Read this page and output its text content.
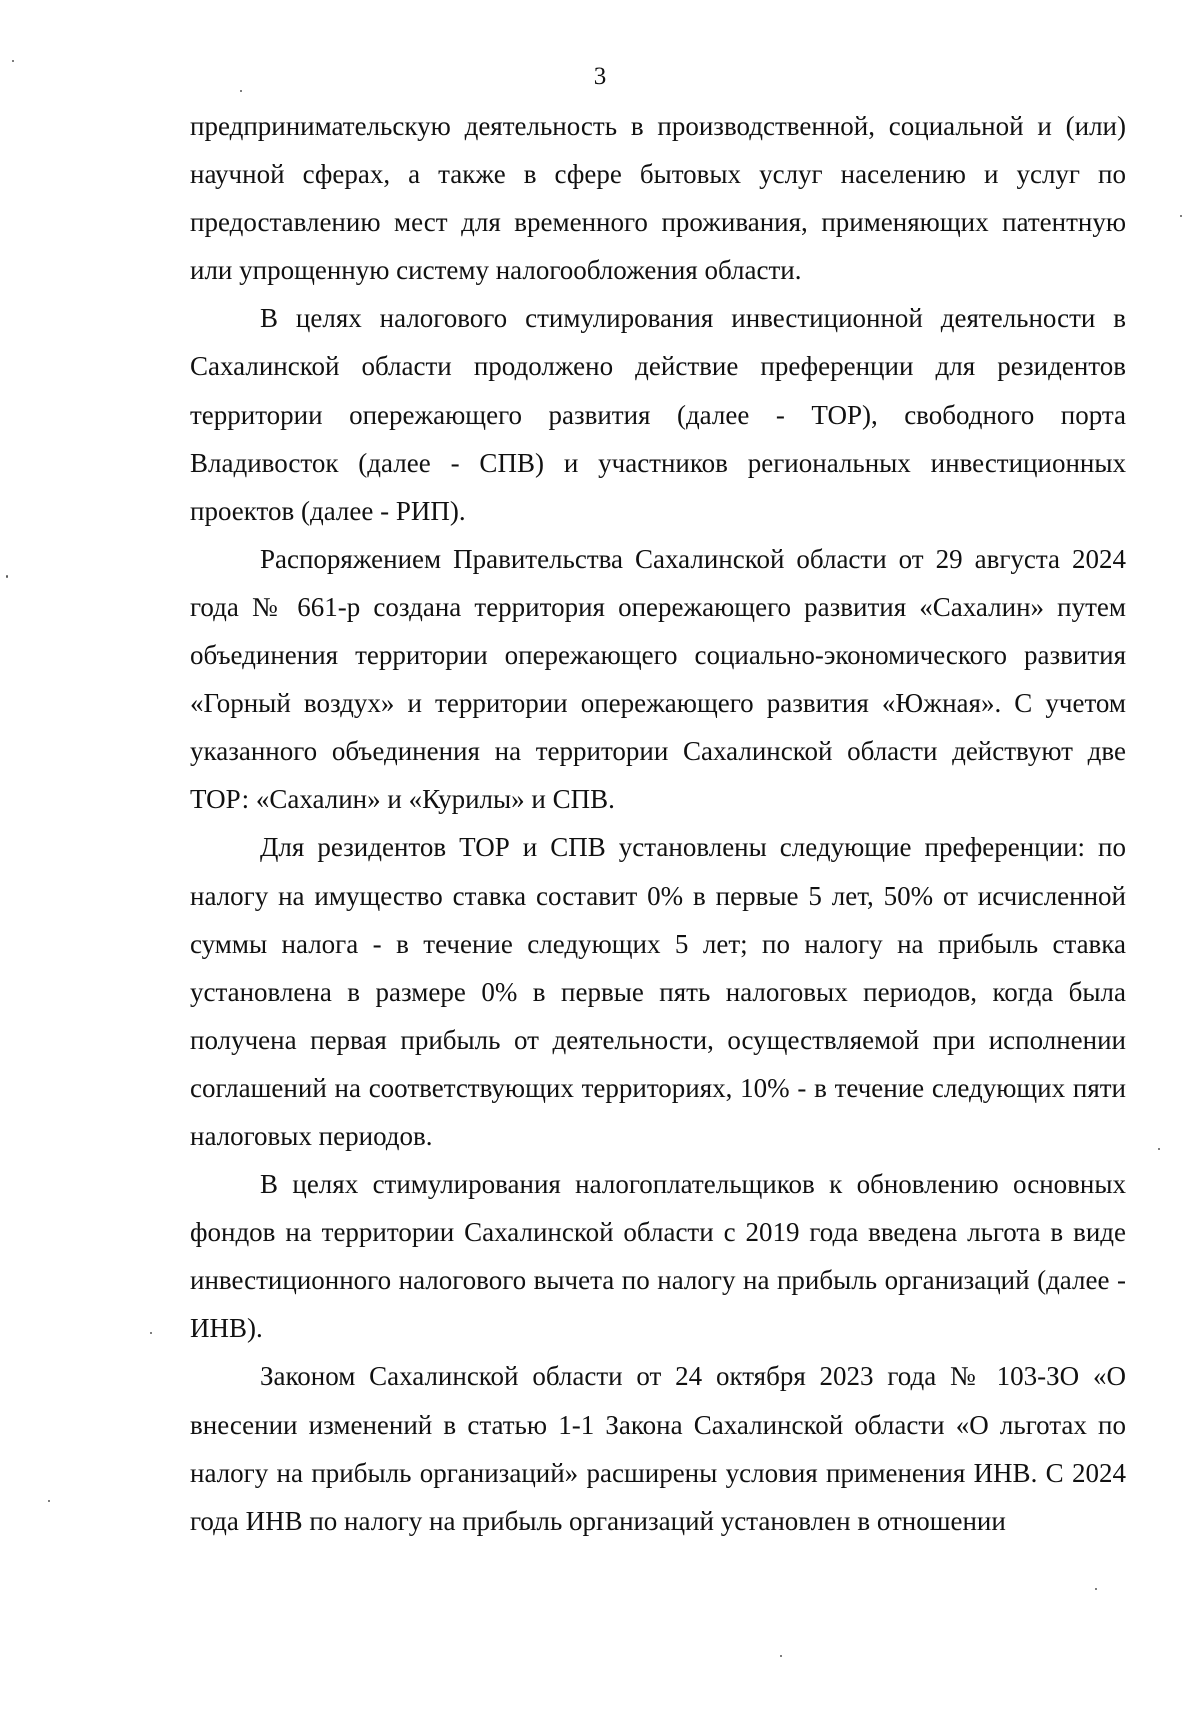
3

предпринимательскую деятельность в производственной, социальной и (или) научной сферах, а также в сфере бытовых услуг населению и услуг по предоставлению мест для временного проживания, применяющих патентную или упрощенную систему налогообложения области.

В целях налогового стимулирования инвестиционной деятельности в Сахалинской области продолжено действие преференции для резидентов территории опережающего развития (далее - ТОР), свободного порта Владивосток (далее - СПВ) и участников региональных инвестиционных проектов (далее - РИП).

Распоряжением Правительства Сахалинской области от 29 августа 2024 года № 661-р создана территория опережающего развития «Сахалин» путем объединения территории опережающего социально-экономического развития «Горный воздух» и территории опережающего развития «Южная». С учетом указанного объединения на территории Сахалинской области действуют две ТОР: «Сахалин» и «Курилы» и СПВ.

Для резидентов ТОР и СПВ установлены следующие преференции: по налогу на имущество ставка составит 0% в первые 5 лет, 50% от исчисленной суммы налога - в течение следующих 5 лет; по налогу на прибыль ставка установлена в размере 0% в первые пять налоговых периодов, когда была получена первая прибыль от деятельности, осуществляемой при исполнении соглашений на соответствующих территориях, 10% - в течение следующих пяти налоговых периодов.

В целях стимулирования налогоплательщиков к обновлению основных фондов на территории Сахалинской области с 2019 года введена льгота в виде инвестиционного налогового вычета по налогу на прибыль организаций (далее - ИНВ).

Законом Сахалинской области от 24 октября 2023 года № 103-ЗО «О внесении изменений в статью 1-1 Закона Сахалинской области «О льготах по налогу на прибыль организаций» расширены условия применения ИНВ. С 2024 года ИНВ по налогу на прибыль организаций установлен в отношении
